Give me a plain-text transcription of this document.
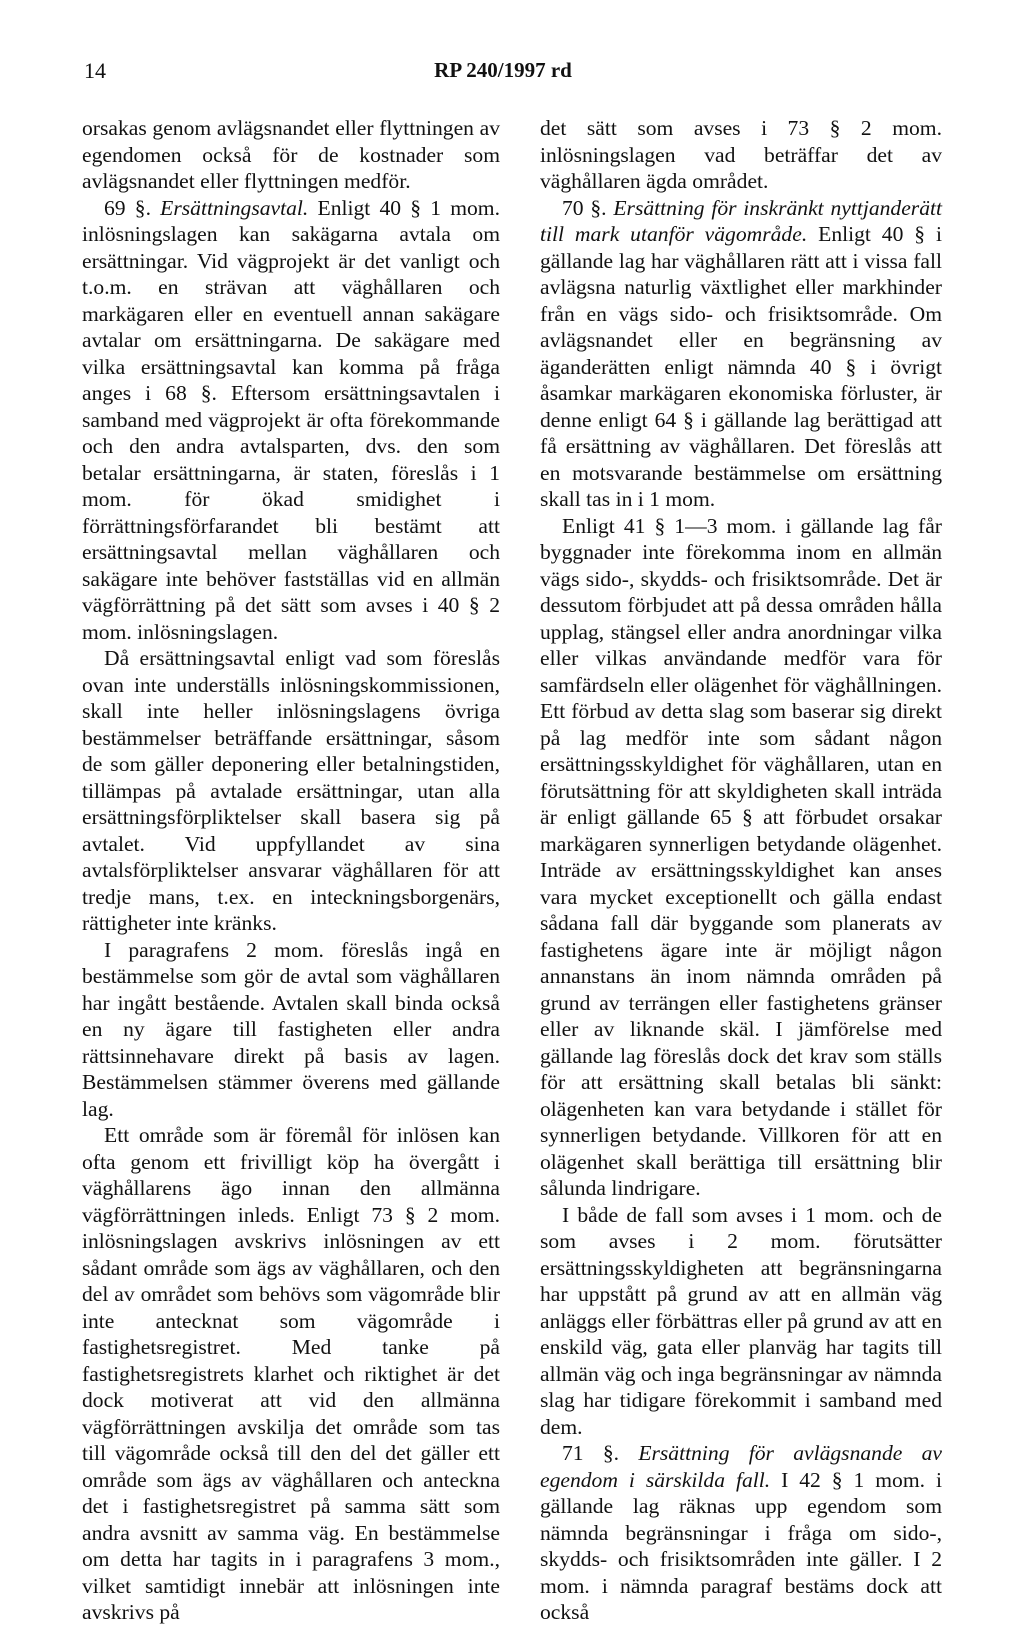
14	RP 240/1997 rd

orsakas genom avlägsnandet eller flyttningen av egendomen också för de kostnader som avlägsnandet eller flyttningen medför.

69 §. Ersättningsavtal. Enligt 40 § 1 mom. inlösningslagen kan sakägarna avtala om ersättningar. Vid vägprojekt är det vanligt och t.o.m. en strävan att väghållaren och markägaren eller en eventuell annan sakägare avtalar om ersättningarna. De sakägare med vilka ersättningsavtal kan komma på fråga anges i 68 §. Eftersom ersättningsavtalen i samband med vägprojekt är ofta förekommande och den andra avtalsparten, dvs. den som betalar ersättningarna, är staten, föreslås i 1 mom. för ökad smidighet i förrättningsförfarandet bli bestämt att ersättningsavtal mellan väghållaren och sakägare inte behöver fastställas vid en allmän vägförrättning på det sätt som avses i 40 § 2 mom. inlösningslagen.

Då ersättningsavtal enligt vad som föreslås ovan inte underställs inlösningskommissionen, skall inte heller inlösningslagens övriga bestämmelser beträffande ersättningar, såsom de som gäller deponering eller betalningstiden, tillämpas på avtalade ersättningar, utan alla ersättningsförpliktelser skall basera sig på avtalet. Vid uppfyllandet av sina avtalsförpliktelser ansvarar väghållaren för att tredje mans, t.ex. en inteckningsborgenärs, rättigheter inte kränks.

I paragrafens 2 mom. föreslås ingå en bestämmelse som gör de avtal som väghållaren har ingått bestående. Avtalen skall binda också en ny ägare till fastigheten eller andra rättsinnehavare direkt på basis av lagen. Bestämmelsen stämmer överens med gällande lag.

Ett område som är föremål för inlösen kan ofta genom ett frivilligt köp ha övergått i väghållarens ägo innan den allmänna vägförrättningen inleds. Enligt 73 § 2 mom. inlösningslagen avskrivs inlösningen av ett sådant område som ägs av väghållaren, och den del av området som behövs som vägområde blir inte antecknat som vägområde i fastighetsregistret. Med tanke på fastighetsregistrets klarhet och riktighet är det dock motiverat att vid den allmänna vägförrättningen avskilja det område som tas till vägområde också till den del det gäller ett område som ägs av väghållaren och anteckna det i fastighetsregistret på samma sätt som andra avsnitt av samma väg. En bestämmelse om detta har tagits in i paragrafens 3 mom., vilket samtidigt innebär att inlösningen inte avskrivs på

det sätt som avses i 73 § 2 mom. inlösningslagen vad beträffar det av väghållaren ägda området.

70 §. Ersättning för inskränkt nyttjanderätt till mark utanför vägområde. Enligt 40 § i gällande lag har väghållaren rätt att i vissa fall avlägsna naturlig växtlighet eller markhinder från en vägs sido- och frisiktsområde. Om avlägsnandet eller en begränsning av äganderätten enligt nämnda 40 § i övrigt åsamkar markägaren ekonomiska förluster, är denne enligt 64 § i gällande lag berättigad att få ersättning av väghållaren. Det föreslås att en motsvarande bestämmelse om ersättning skall tas in i 1 mom.

Enligt 41 § 1—3 mom. i gällande lag får byggnader inte förekomma inom en allmän vägs sido-, skydds- och frisiktsområde. Det är dessutom förbjudet att på dessa områden hålla upplag, stängsel eller andra anordningar vilka eller vilkas användande medför vara för samfärdseln eller olägenhet för väghållningen. Ett förbud av detta slag som baserar sig direkt på lag medför inte som sådant någon ersättningsskyldighet för väghållaren, utan en förutsättning för att skyldigheten skall inträda är enligt gällande 65 § att förbudet orsakar markägaren synnerligen betydande olägenhet. Inträde av ersättningsskyldighet kan anses vara mycket exceptionellt och gälla endast sådana fall där byggande som planerats av fastighetens ägare inte är möjligt någon annanstans än inom nämnda områden på grund av terrängen eller fastighetens gränser eller av liknande skäl. I jämförelse med gällande lag föreslås dock det krav som ställs för att ersättning skall betalas bli sänkt: olägenheten kan vara betydande i stället för synnerligen betydande. Villkoren för att en olägenhet skall berättiga till ersättning blir sålunda lindrigare.

I både de fall som avses i 1 mom. och de som avses i 2 mom. förutsätter ersättningsskyldigheten att begränsningarna har uppstått på grund av att en allmän väg anläggs eller förbättras eller på grund av att en enskild väg, gata eller planväg har tagits till allmän väg och inga begränsningar av nämnda slag har tidigare förekommit i samband med dem.

71 §. Ersättning för avlägsnande av egendom i särskilda fall. I 42 § 1 mom. i gällande lag räknas upp egendom som nämnda begränsningar i fråga om sido-, skydds- och frisiktsområden inte gäller. I 2 mom. i nämnda paragraf bestäms dock att också
